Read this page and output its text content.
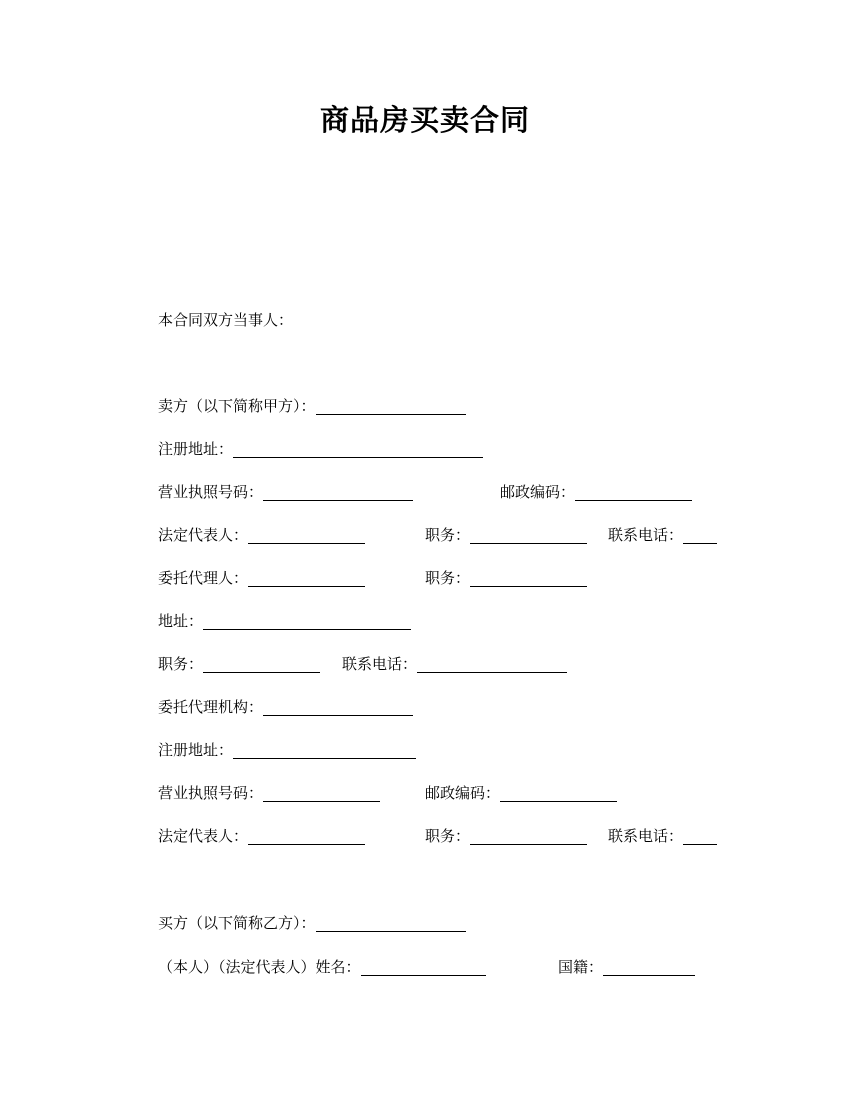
商品房买卖合同
本合同双方当事人：
卖方（以下简称甲方）：
注册地址：
营业执照号码：	邮政编码：
法定代表人：	职务：	联系电话：
委托代理人：	职务：
地址：
职务：	联系电话：
委托代理机构：
注册地址：
营业执照号码：	邮政编码：
法定代表人：	职务：	联系电话：
买方（以下简称乙方）：
（本人）（法定代表人）姓名：	国籍：
